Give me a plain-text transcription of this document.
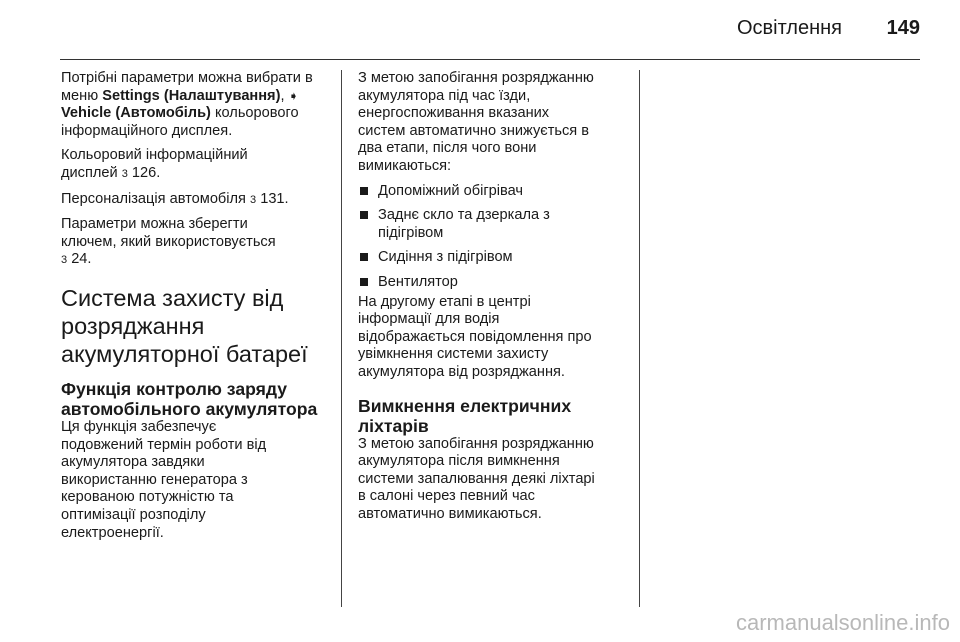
Освітлення 149

Потрібні параметри можна вибрати в меню Settings (Налаштування), ➧
Vehicle (Автомобіль) кольорового інформаційного дисплея.

Кольоровий інформаційний
дисплей 3 126.

Персоналізація автомобіля 3 131.

Параметри можна зберегти
ключем, який використовується
3 24.

Система захисту від
розряджання
акумуляторної батареї
Функція контролю заряду
автомобільного акумулятора

Ця функція забезпечує
подовжений термін роботи від
акумулятора завдяки
використанню генератора з
керованою потужністю та
оптимізації розподілу
електроенергії.

З метою запобігання розряджанню
акумулятора під час їзди,
енергоспоживання вказаних
систем автоматично знижується в
два етапи, після чого вони
вимикаються:

Допоміжний обігрівач
Заднє скло та дзеркала з
підігрівом
Сидіння з підігрівом
Вентилятор

На другому етапі в центрі
інформації для водія
відображається повідомлення про
увімкнення системи захисту
акумулятора від розряджання.

Вимкнення електричних
ліхтарів

З метою запобігання розряджанню
акумулятора після вимкнення
системи запалювання деякі ліхтарі
в салоні через певний час
автоматично вимикаються.

carmanualsonline.info
